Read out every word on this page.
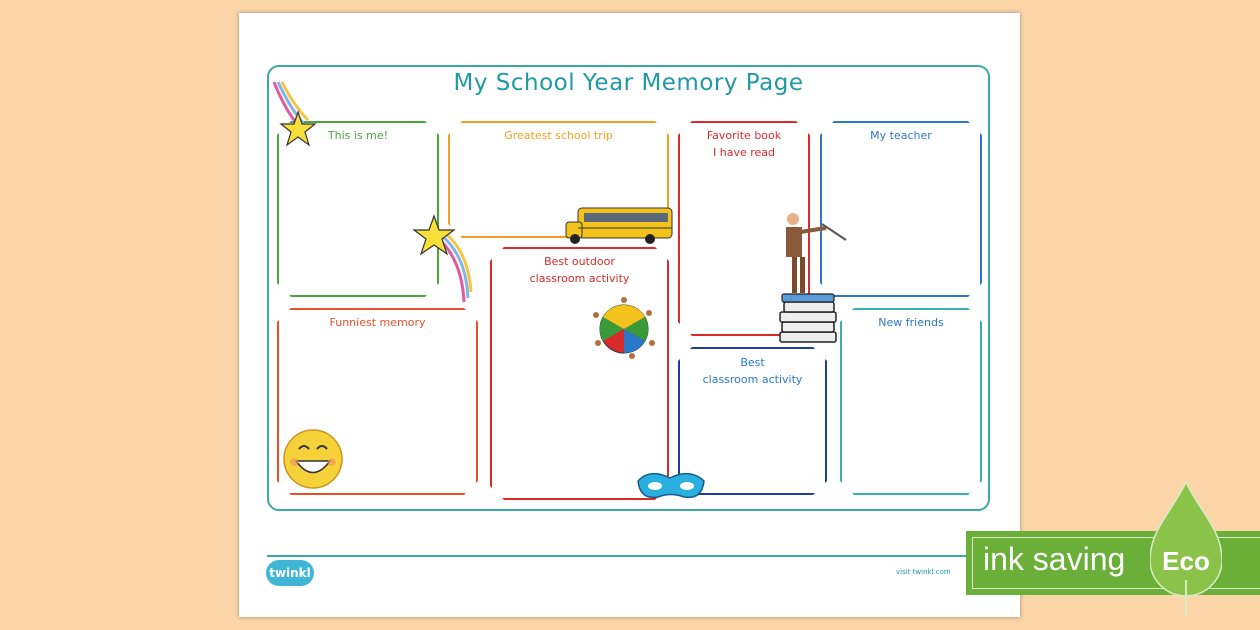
My School Year Memory Page
This is me!	Greatest school trip	Favorite book
I have read
My teacher
Funniest memory
Best outdoor
classroom activity
Best
classroom activity
New friends
twinkl	visit twinkl.com ink saving Eco
